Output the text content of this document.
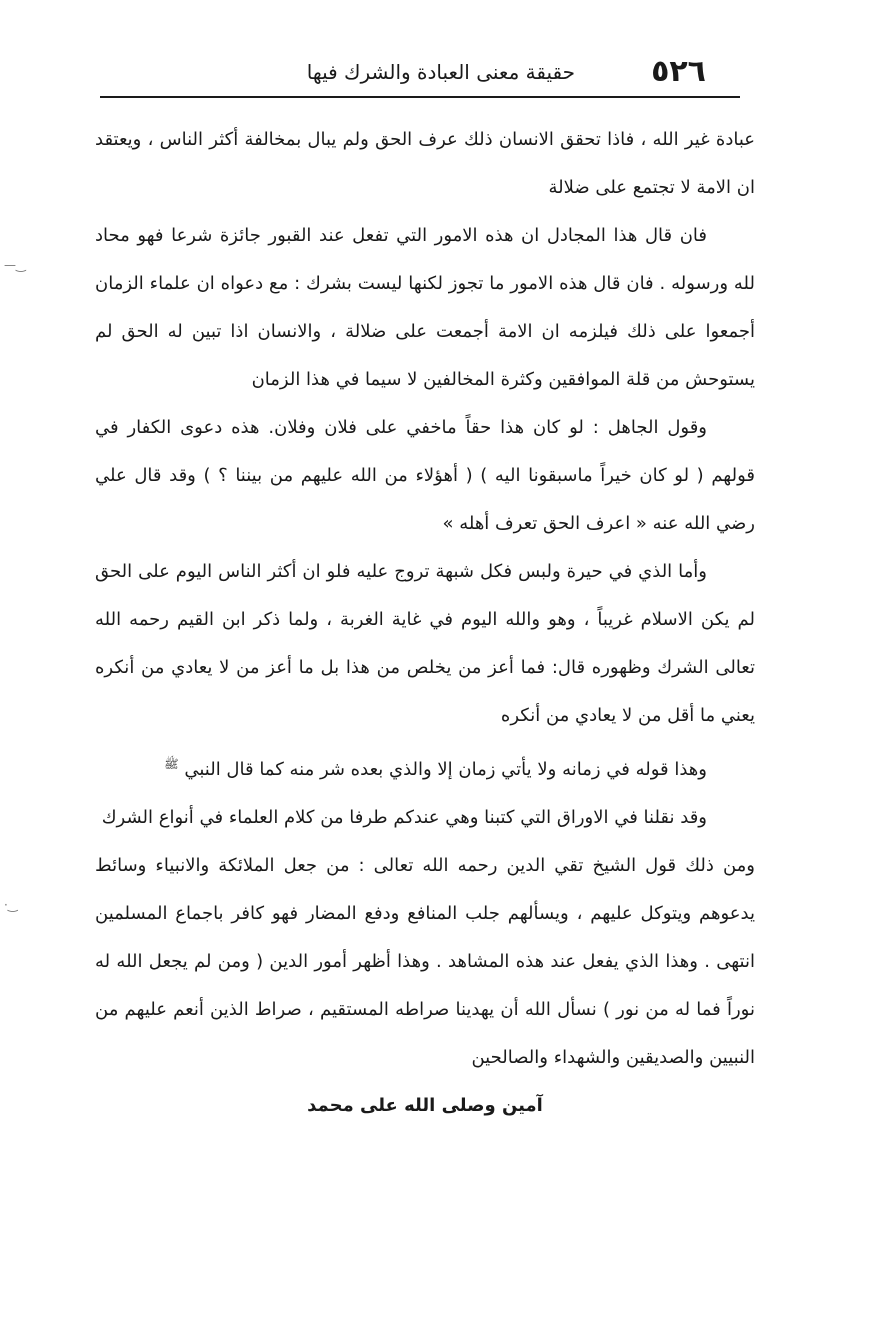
٥٢٦
حقيقة معنى العبادة والشرك فيها
—‿
·‿

عبادة غير الله ، فاذا تحقق الانسان ذلك عرف الحق ولم يبال بمخالفة أكثر الناس ، ويعتقد ان الامة لا تجتمع على ضلالة

فان قال هذا المجادل ان هذه الامور التي تفعل عند القبور جائزة شرعا فهو محاد لله ورسوله . فان قال هذه الامور ما تجوز لكنها ليست بشرك : مع دعواه ان علماء الزمان أجمعوا على ذلك فيلزمه ان الامة أجمعت على ضلالة ، والانسان اذا تبين له الحق لم يستوحش من قلة الموافقين وكثرة المخالفين لا سيما في هذا الزمان

وقول الجاهل : لو كان هذا حقاً ماخفي على فلان وفلان. هذه دعوى الكفار في قولهم ( لو كان خيراً ماسبقونا اليه ) ( أهؤلاء من الله عليهم من بيننا ؟ ) وقد قال علي رضي الله عنه « اعرف الحق تعرف أهله »

وأما الذي في حيرة ولبس فكل شبهة تروج عليه فلو ان أكثر الناس اليوم على الحق لم يكن الاسلام غريباً ، وهو والله اليوم في غاية الغربة ، ولما ذكر ابن القيم رحمه الله تعالى الشرك وظهوره قال: فما أعز من يخلص من هذا بل ما أعز من لا يعادي من أنكره يعني ما أقل من لا يعادي من أنكره

وهذا قوله في زمانه ولا يأتي زمان إلا والذي بعده شر منه كما قال النبي $^ﷺ$

وقد نقلنا في الاوراق التي كتبنا وهي عندكم طرفا من كلام العلماء في أنواع الشرك

ومن ذلك قول الشيخ تقي الدين رحمه الله تعالى : من جعل الملائكة والانبياء وسائط يدعوهم ويتوكل عليهم ، ويسألهم جلب المنافع ودفع المضار فهو كافر باجماع المسلمين انتهى . وهذا الذي يفعل عند هذه المشاهد . وهذا أظهر أمور الدين ( ومن لم يجعل الله له نوراً فما له من نور ) نسأل الله أن يهدينا صراطه المستقيم ، صراط الذين أنعم عليهم من النبيين والصديقين والشهداء والصالحين

آمين وصلى الله على محمد
